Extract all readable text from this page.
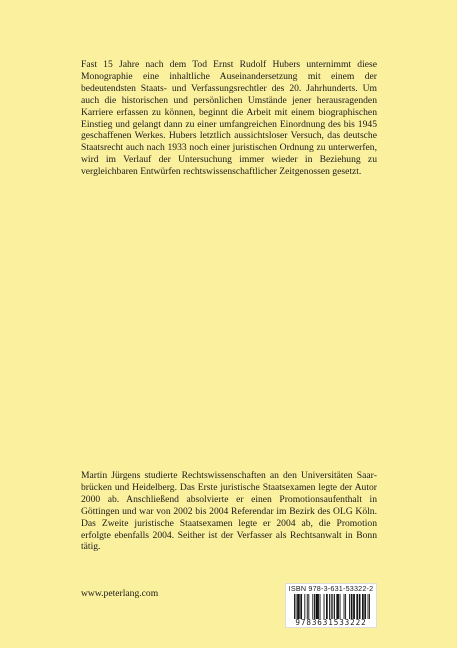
Fast 15 Jahre nach dem Tod Ernst Rudolf Hubers unternimmt diese Monographie eine inhaltliche Auseinandersetzung mit einem der bedeutendsten Staats- und Verfassungsrechtler des 20. Jahrhunderts. Um auch die historischen und persönlichen Umstände jener herausragenden Karriere erfassen zu können, beginnt die Arbeit mit einem biographischen Einstieg und gelangt dann zu einer umfangreichen Einordnung des bis 1945 geschaffenen Werkes. Hubers letztlich aussichtsloser Versuch, das deutsche Staatsrecht auch nach 1933 noch einer juristischen Ordnung zu unterwerfen, wird im Verlauf der Untersuchung immer wieder in Beziehung zu vergleichbaren Entwürfen rechtswissenschaftlicher Zeitgenossen gesetzt.

Martin Jürgens studierte Rechtswissenschaften an den Universitäten Saarbrücken und Heidelberg. Das Erste juristische Staatsexamen legte der Autor 2000 ab. Anschließend absolvierte er einen Promotionsaufenthalt in Göttingen und war von 2002 bis 2004 Referendar im Bezirk des OLG Köln. Das Zweite juristische Staatsexamen legte er 2004 ab, die Promotion erfolgte ebenfalls 2004. Seither ist der Verfasser als Rechtsanwalt in Bonn tätig.

www.peterlang.com	ISBN 978-3-631-53322-2
9783631533222
